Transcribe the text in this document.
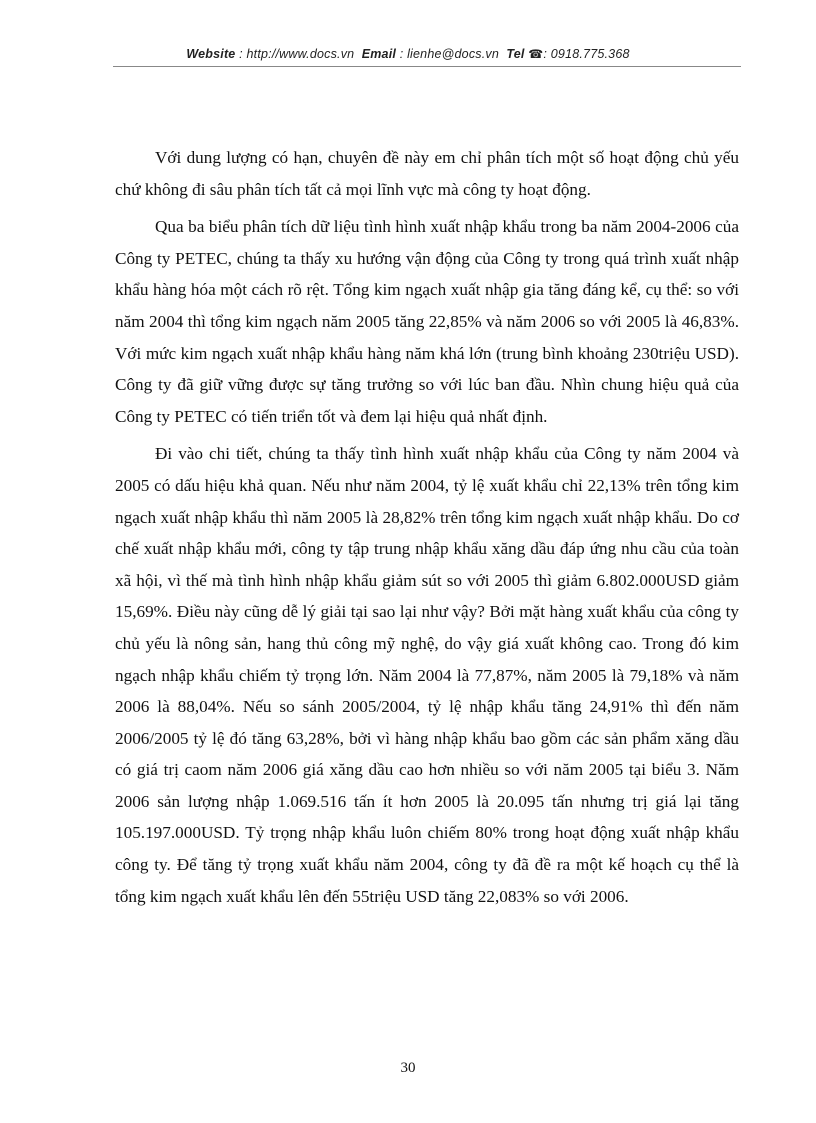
Website : http://www.docs.vn Email : lienhe@docs.vn Tel ☎: 0918.775.368

Với dung lượng có hạn, chuyên đề này em chỉ phân tích một số hoạt động chủ yếu chứ không đi sâu phân tích tất cả mọi lĩnh vực mà công ty hoạt động.

Qua ba biểu phân tích dữ liệu tình hình xuất nhập khẩu trong ba năm 2004-2006 của Công ty PETEC, chúng ta thấy xu hướng vận động của Công ty trong quá trình xuất nhập khẩu hàng hóa một cách rõ rệt. Tổng kim ngạch xuất nhập gia tăng đáng kể, cụ thể: so với năm 2004 thì tổng kim ngạch năm 2005 tăng 22,85% và năm 2006 so với 2005 là 46,83%. Với mức kim ngạch xuất nhập khẩu hàng năm khá lớn (trung bình khoảng 230triệu USD). Công ty đã giữ vững được sự tăng trưởng so với lúc ban đầu. Nhìn chung hiệu quả của Công ty PETEC có tiến triển tốt và đem lại hiệu quả nhất định.

Đi vào chi tiết, chúng ta thấy tình hình xuất nhập khẩu của Công ty năm 2004 và 2005 có dấu hiệu khả quan. Nếu như năm 2004, tỷ lệ xuất khẩu chỉ 22,13% trên tổng kim ngạch xuất nhập khẩu thì năm 2005 là 28,82% trên tổng kim ngạch xuất nhập khẩu. Do cơ chế xuất nhập khẩu mới, công ty tập trung nhập khẩu xăng dầu đáp ứng nhu cầu của toàn xã hội, vì thế mà tình hình nhập khẩu giảm sút so với 2005 thì giảm 6.802.000USD giảm 15,69%. Điều này cũng dễ lý giải tại sao lại như vậy? Bởi mặt hàng xuất khẩu của công ty chủ yếu là nông sản, hang thủ công mỹ nghệ, do vậy giá xuất không cao. Trong đó kim ngạch nhập khẩu chiếm tỷ trọng lớn. Năm 2004 là 77,87%, năm 2005 là 79,18% và năm 2006 là 88,04%. Nếu so sánh 2005/2004, tỷ lệ nhập khẩu tăng 24,91% thì đến năm 2006/2005 tỷ lệ đó tăng 63,28%, bởi vì hàng nhập khẩu bao gồm các sản phẩm xăng dầu có giá trị caom năm 2006 giá xăng dầu cao hơn nhiều so với năm 2005 tại biểu 3. Năm 2006 sản lượng nhập 1.069.516 tấn ít hơn 2005 là 20.095 tấn nhưng trị giá lại tăng 105.197.000USD. Tỷ trọng nhập khẩu luôn chiếm 80% trong hoạt động xuất nhập khẩu công ty. Để tăng tỷ trọng xuất khẩu năm 2004, công ty đã đề ra một kế hoạch cụ thể là tổng kim ngạch xuất khẩu lên đến 55triệu USD tăng 22,083% so với 2006.

30
